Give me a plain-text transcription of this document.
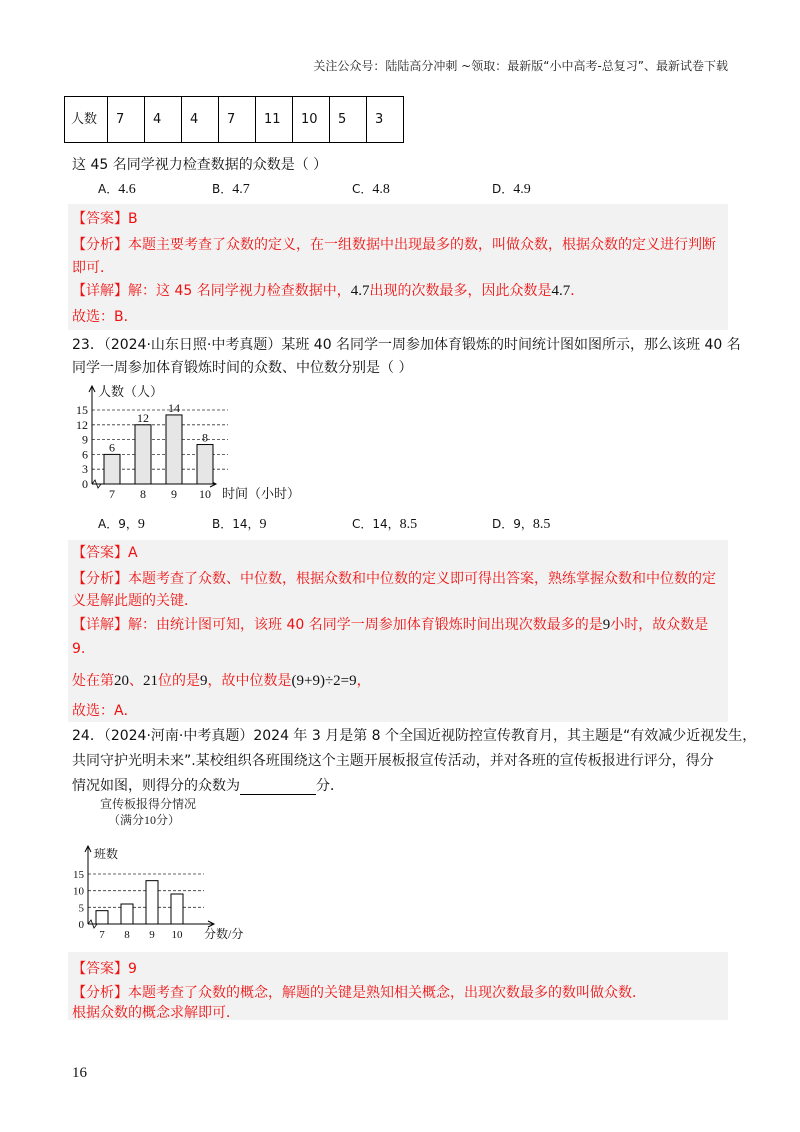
关注公众号：陆陆高分冲刺 ~领取：最新版“小中高考-总复习”、最新试卷下载
人数	7	4	4	7	11	10	5	3
这 45 名同学视力检查数据的众数是（ ）
A．4.6	B．4.7	C．4.8	D．4.9
【答案】B
【分析】本题主要考查了众数的定义，在一组数据中出现最多的数，叫做众数，根据众数的定义进行判断
即可．
【详解】解：这 45 名同学视力检查数据中，4.7出现的次数最多，因此众数是4.7．
故选：B．
23．（2024·山东日照·中考真题）某班 40 名同学一周参加体育锻炼的时间统计图如图所示，那么该班 40 名
同学一周参加体育锻炼时间的众数、中位数分别是（ ）
0
3
6
9
12
15
人数（人）
时间（小时）
7
6
8
12
9
14
10
8
A．9，9	B．14，9	C．14，8.5	D．9，8.5
【答案】A
【分析】本题考查了众数、中位数，根据众数和中位数的定义即可得出答案，熟练掌握众数和中位数的定
义是解此题的关键．
【详解】解：由统计图可知，该班 40 名同学一周参加体育锻炼时间出现次数最多的是9小时，故众数是
9.
处在第20、21位的是9，故中位数是(9+9)÷2=9，
故选：A．
24．（2024·河南·中考真题）2024 年 3 月是第 8 个全国近视防控宣传教育月，其主题是“有效减少近视发生，
共同守护光明未来”.某校组织各班围绕这个主题开展板报宣传活动，并对各班的宣传板报进行评分，得分
情况如图，则得分的众数为	分．
宣传板报得分情况
（满分10分）
0
5
10
15
班数
分数/分
7 8 9 10
【答案】9
【分析】本题考查了众数的概念，解题的关键是熟知相关概念，出现次数最多的数叫做众数．
根据众数的概念求解即可．
16
